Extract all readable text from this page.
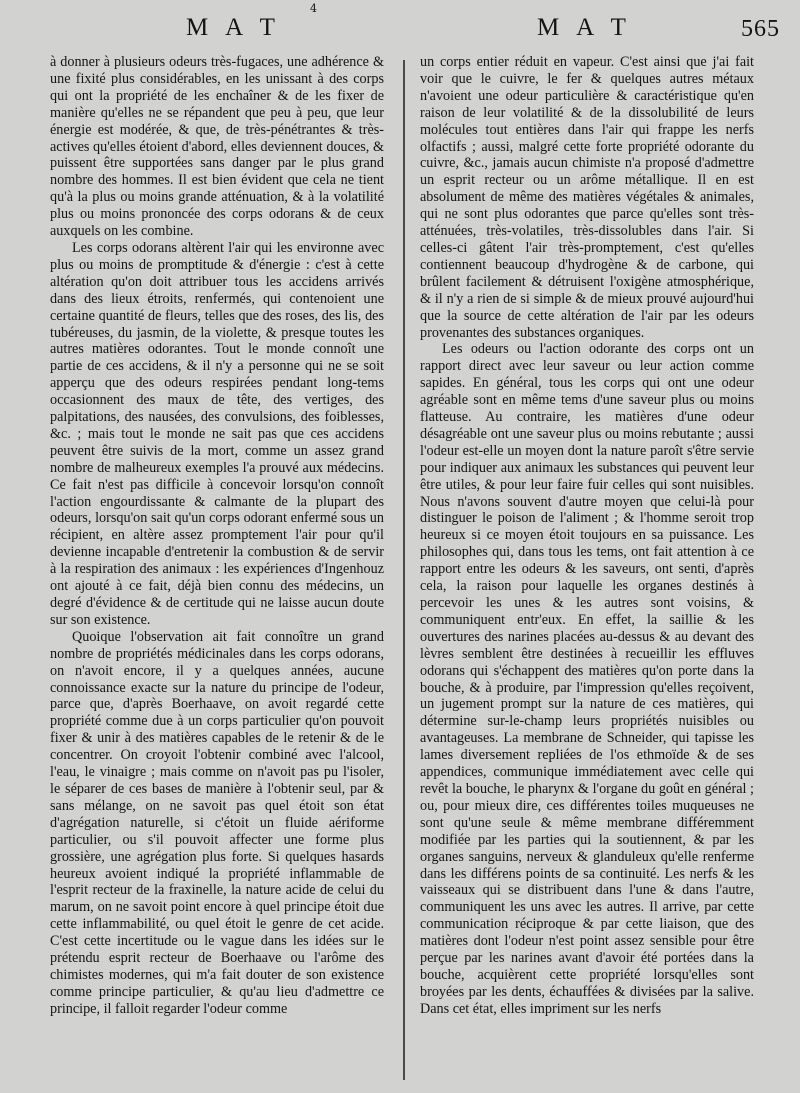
4
M A T	M A T	565

à donner à plusieurs odeurs très-fugaces, une adhérence & une fixité plus considérables, en les unissant à des corps qui ont la propriété de les enchaîner & de les fixer de manière qu'elles ne se répandent que peu à peu, que leur énergie est modérée, & que, de très-pénétrantes & très-actives qu'elles étoient d'abord, elles deviennent douces, & puissent être supportées sans danger par le plus grand nombre des hommes. Il est bien évident que cela ne tient qu'à la plus ou moins grande atténuation, & à la volatilité plus ou moins prononcée des corps odorans & de ceux auxquels on les combine.

Les corps odorans altèrent l'air qui les environne avec plus ou moins de promptitude & d'énergie : c'est à cette altération qu'on doit attribuer tous les accidens arrivés dans des lieux étroits, renfermés, qui contenoient une certaine quantité de fleurs, telles que des roses, des lis, des tubéreuses, du jasmin, de la violette, & presque toutes les autres matières odorantes. Tout le monde connoît une partie de ces accidens, & il n'y a personne qui ne se soit apperçu que des odeurs respirées pendant long-tems occasionnent des maux de tête, des vertiges, des palpitations, des nausées, des convulsions, des foiblesses, &c. ; mais tout le monde ne sait pas que ces accidens peuvent être suivis de la mort, comme un assez grand nombre de malheureux exemples l'a prouvé aux médecins. Ce fait n'est pas difficile à concevoir lorsqu'on connoît l'action engourdissante & calmante de la plupart des odeurs, lorsqu'on sait qu'un corps odorant enfermé sous un récipient, en altère assez promptement l'air pour qu'il devienne incapable d'entretenir la combustion & de servir à la respiration des animaux : les expériences d'Ingenhouz ont ajouté à ce fait, déjà bien connu des médecins, un degré d'évidence & de certitude qui ne laisse aucun doute sur son existence.

Quoique l'observation ait fait connoître un grand nombre de propriétés médicinales dans les corps odorans, on n'avoit encore, il y a quelques années, aucune connoissance exacte sur la nature du principe de l'odeur, parce que, d'après Boerhaave, on avoit regardé cette propriété comme due à un corps particulier qu'on pouvoit fixer & unir à des matières capables de le retenir & de le concentrer. On croyoit l'obtenir combiné avec l'alcool, l'eau, le vinaigre ; mais comme on n'avoit pas pu l'isoler, le séparer de ces bases de manière à l'obtenir seul, par & sans mélange, on ne savoit pas quel étoit son état d'agrégation naturelle, si c'étoit un fluide aériforme particulier, ou s'il pouvoit affecter une forme plus grossière, une agrégation plus forte. Si quelques hasards heureux avoient indiqué la propriété inflammable de l'esprit recteur de la fraxinelle, la nature acide de celui du marum, on ne savoit point encore à quel principe étoit due cette inflammabilité, ou quel étoit le genre de cet acide. C'est cette incertitude ou le vague dans les idées sur le prétendu esprit recteur de Boerhaave ou l'arôme des chimistes modernes, qui m'a fait douter de son existence comme principe particulier, & qu'au lieu d'admettre ce principe, il falloit regarder l'odeur comme

un corps entier réduit en vapeur. C'est ainsi que j'ai fait voir que le cuivre, le fer & quelques autres métaux n'avoient une odeur particulière & caractéristique qu'en raison de leur volatilité & de la dissolubilité de leurs molécules tout entières dans l'air qui frappe les nerfs olfactifs ; aussi, malgré cette forte propriété odorante du cuivre, &c., jamais aucun chimiste n'a proposé d'admettre un esprit recteur ou un arôme métallique. Il en est absolument de même des matières végétales & animales, qui ne sont plus odorantes que parce qu'elles sont très-atténuées, très-volatiles, très-dissolubles dans l'air. Si celles-ci gâtent l'air très-promptement, c'est qu'elles contiennent beaucoup d'hydrogène & de carbone, qui brûlent facilement & détruisent l'oxigène atmosphérique, & il n'y a rien de si simple & de mieux prouvé aujourd'hui que la source de cette altération de l'air par les odeurs provenantes des substances organiques.

Les odeurs ou l'action odorante des corps ont un rapport direct avec leur saveur ou leur action comme sapides. En général, tous les corps qui ont une odeur agréable sont en même tems d'une saveur plus ou moins flatteuse. Au contraire, les matières d'une odeur désagréable ont une saveur plus ou moins rebutante ; aussi l'odeur est-elle un moyen dont la nature paroît s'être servie pour indiquer aux animaux les substances qui peuvent leur être utiles, & pour leur faire fuir celles qui sont nuisibles. Nous n'avons souvent d'autre moyen que celui-là pour distinguer le poison de l'aliment ; & l'homme seroit trop heureux si ce moyen étoit toujours en sa puissance. Les philosophes qui, dans tous les tems, ont fait attention à ce rapport entre les odeurs & les saveurs, ont senti, d'après cela, la raison pour laquelle les organes destinés à percevoir les unes & les autres sont voisins, & communiquent entr'eux. En effet, la saillie & les ouvertures des narines placées au-dessus & au devant des lèvres semblent être destinées à recueillir les effluves odorans qui s'échappent des matières qu'on porte dans la bouche, & à produire, par l'impression qu'elles reçoivent, un jugement prompt sur la nature de ces matières, qui détermine sur-le-champ leurs propriétés nuisibles ou avantageuses. La membrane de Schneider, qui tapisse les lames diversement repliées de l'os ethmoïde & de ses appendices, communique immédiatement avec celle qui revêt la bouche, le pharynx & l'organe du goût en général ; ou, pour mieux dire, ces différentes toiles muqueuses ne sont qu'une seule & même membrane différemment modifiée par les parties qui la soutiennent, & par les organes sanguins, nerveux & glanduleux qu'elle renferme dans les différens points de sa continuité. Les nerfs & les vaisseaux qui se distribuent dans l'une & dans l'autre, communiquent les uns avec les autres. Il arrive, par cette communication réciproque & par cette liaison, que des matières dont l'odeur n'est point assez sensible pour être perçue par les narines avant d'avoir été portées dans la bouche, acquièrent cette propriété lorsqu'elles sont broyées par les dents, échauffées & divisées par la salive. Dans cet état, elles impriment sur les nerfs
